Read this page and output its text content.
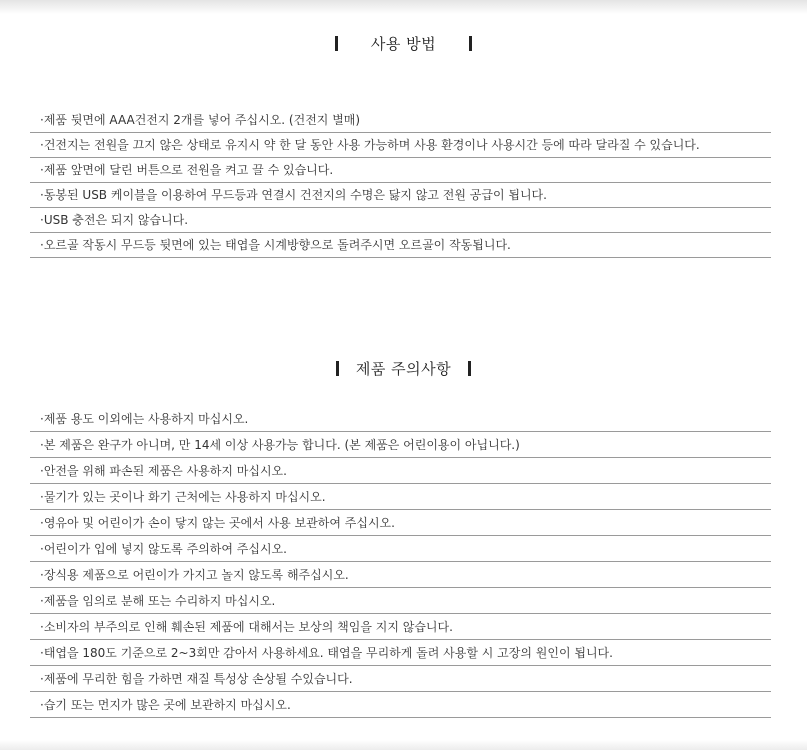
사용 방법
·제품 뒷면에 AAA건전지 2개를 넣어 주십시오. (건전지 별매)
·건전지는 전원을 끄지 않은 상태로 유지시 약 한 달 동안 사용 가능하며 사용 환경이나 사용시간 등에 따라 달라질 수 있습니다.
·제품 앞면에 달린 버튼으로 전원을 켜고 끌 수 있습니다.
·동봉된 USB 케이블을 이용하여 무드등과 연결시 건전지의 수명은 닳지 않고 전원 공급이 됩니다.
·USB 충전은 되지 않습니다.
·오르골 작동시 무드등 뒷면에 있는 태엽을 시계방향으로 돌려주시면 오르골이 작동됩니다.
제품 주의사항
·제품 용도 이외에는 사용하지 마십시오.
·본 제품은 완구가 아니며, 만 14세 이상 사용가능 합니다. (본 제품은 어린이용이 아닙니다.)
·안전을 위해 파손된 제품은 사용하지 마십시오.
·물기가 있는 곳이나 화기 근처에는 사용하지 마십시오.
·영유아 및 어린이가 손이 닿지 않는 곳에서 사용 보관하여 주십시오.
·어린이가 입에 넣지 않도록 주의하여 주십시오.
·장식용 제품으로 어린이가 가지고 놀지 않도록 해주십시오.
·제품을 임의로 분해 또는 수리하지 마십시오.
·소비자의 부주의로 인해 훼손된 제품에 대해서는 보상의 책임을 지지 않습니다.
·태엽을 180도 기준으로 2~3회만 감아서 사용하세요. 태엽을 무리하게 돌려 사용할 시 고장의 원인이 됩니다.
·제품에 무리한 힘을 가하면 재질 특성상 손상될 수있습니다.
·습기 또는 먼지가 많은 곳에 보관하지 마십시오.
